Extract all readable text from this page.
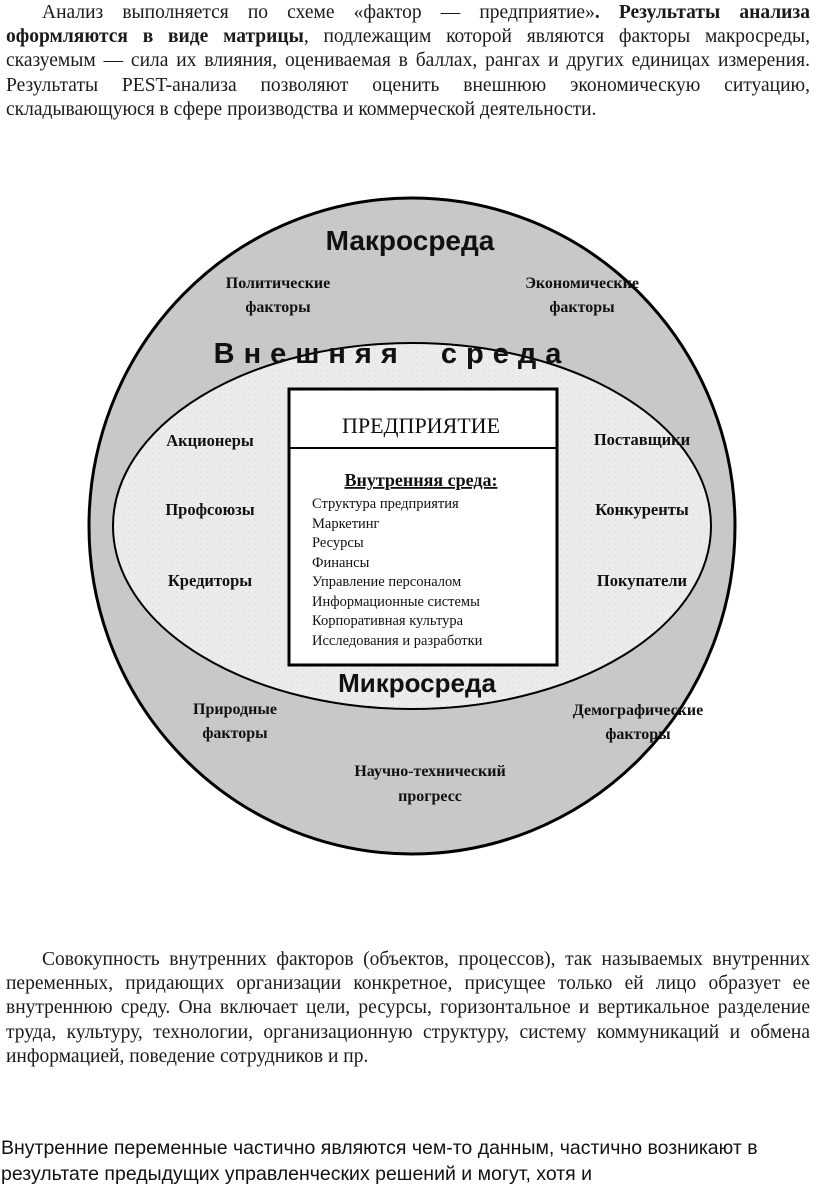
Анализ выполняется по схеме «фактор — предприятие». Результаты анализа оформляются в виде матрицы, подлежащим которой являются факторы макросреды, сказуемым — сила их влияния, оцениваемая в баллах, рангах и других единицах измерения. Результаты PEST-анализа позволяют оценить внешнюю экономическую ситуацию, складывающуюся в сфере производства и коммерческой деятельности.

Макросреда
Внешняя  среда
Микросреда
ПРЕДПРИЯТИЕ
Внутренняя среда:
Структура предприятия
Маркетинг
Ресурсы
Финансы
Управление персоналом
Информационные системы
Корпоративная культура
Исследования и разработки
Политические
факторы
Экономические
факторы
Природные
факторы
Демографические
факторы
Научно-технический
прогресс
Акционеры
Профсоюзы
Кредиторы
Поставщики
Конкуренты
Покупатели

Совокупность внутренних факторов (объектов, процессов), так называемых внутренних переменных, придающих организации конкретное, присущее только ей лицо образует ее внутреннюю среду. Она включает цели, ресурсы, горизонтальное и вертикальное разделение труда, культуру, технологии, организационную структуру, систему коммуникаций и обмена информацией, поведение сотрудников и пр.

Внутренние переменные частично являются чем-то данным, частично возникают в результате предыдущих управленческих решений и могут, хотя и
